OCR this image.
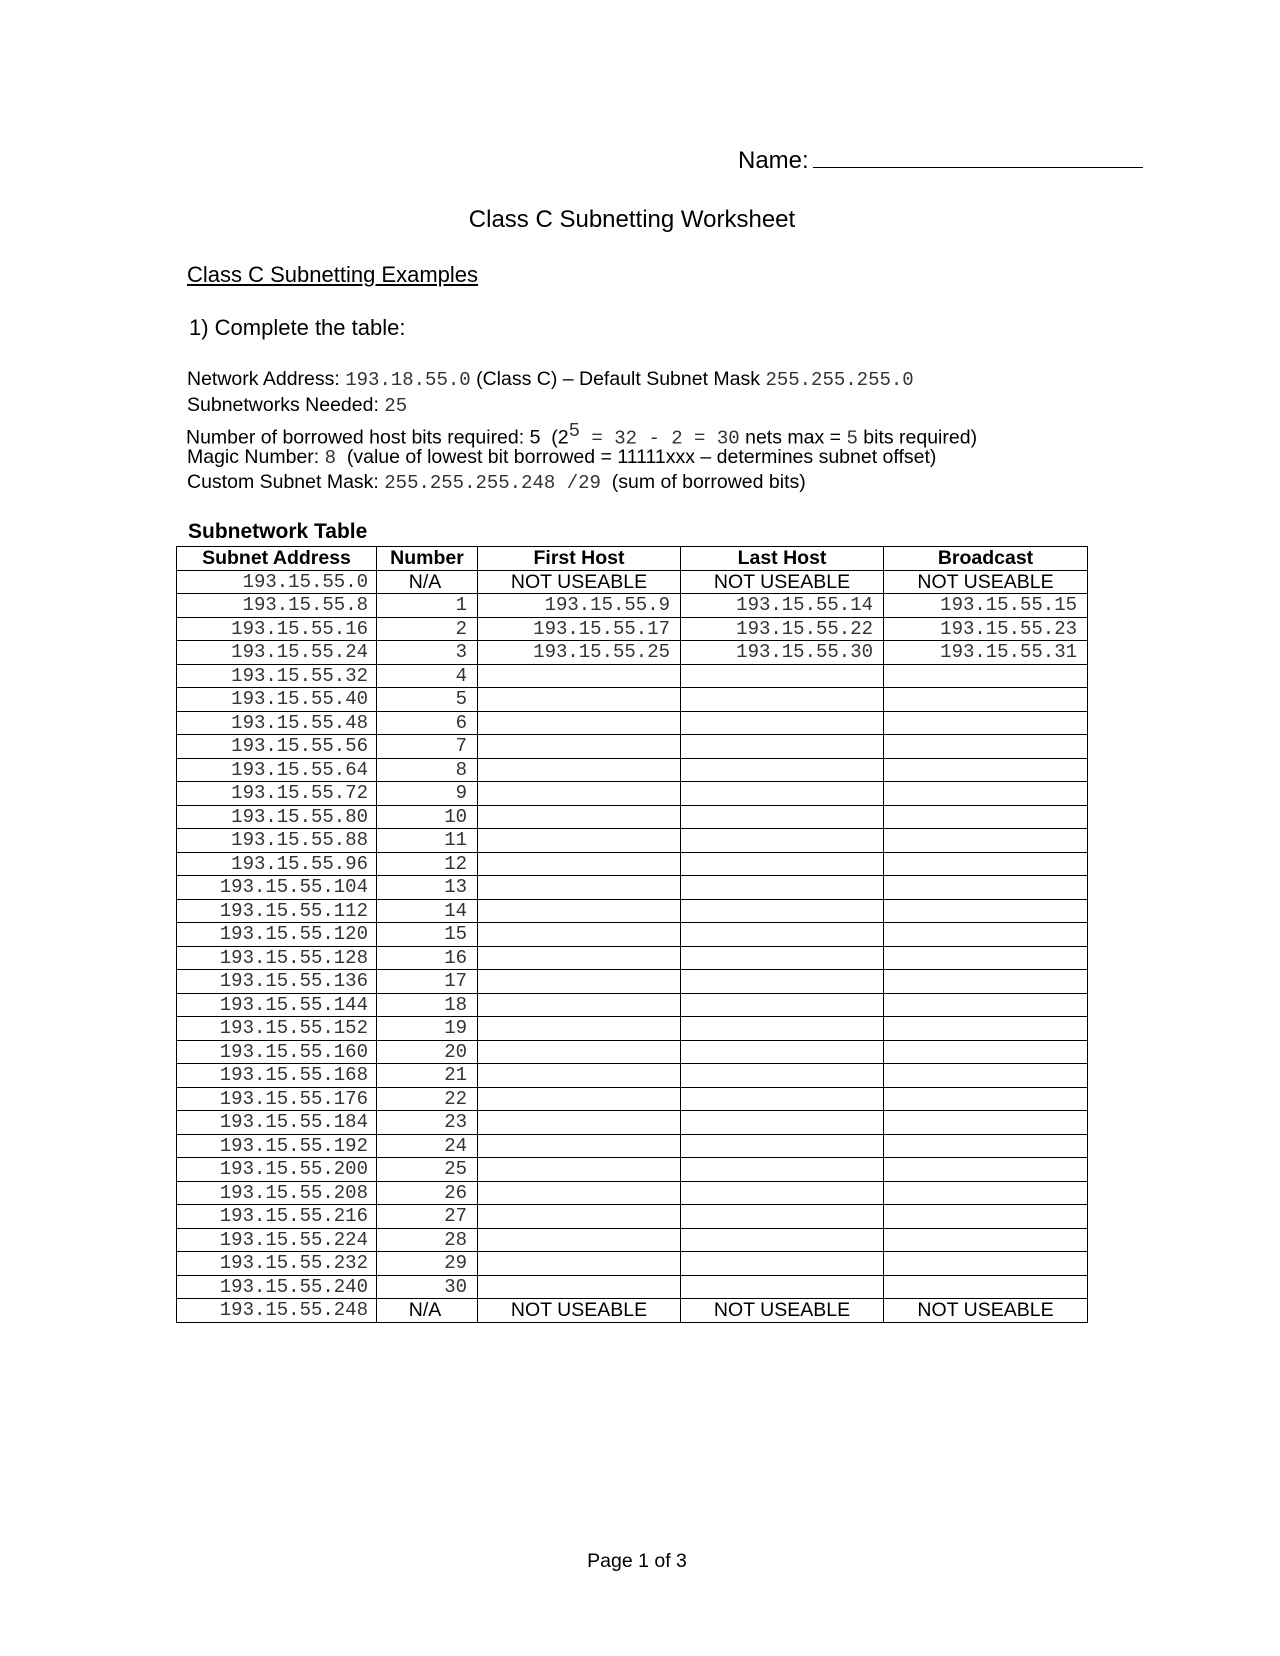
Name:
Class C Subnetting Worksheet
Class C Subnetting Examples
1) Complete the table:
Network Address: 193.18.55.0 (Class C) – Default Subnet Mask 255.255.255.0
Subnetworks Needed: 25
Number of borrowed host bits required: 5 ($2^5 = 32 - 2 = 30$ nets max = 5 bits required)
Magic Number: 8 (value of lowest bit borrowed = 11111xxx – determines subnet offset)
Custom Subnet Mask: 255.255.255.248 /29 (sum of borrowed bits)
Subnetwork Table
Subnet Address	Number	First Host	Last Host	Broadcast
193.15.55.0	N/A	NOT USEABLE	NOT USEABLE	NOT USEABLE
193.15.55.8	1	193.15.55.9	193.15.55.14	193.15.55.15
193.15.55.16	2	193.15.55.17	193.15.55.22	193.15.55.23
193.15.55.24	3	193.15.55.25	193.15.55.30	193.15.55.31
193.15.55.32	4			
193.15.55.40	5			
193.15.55.48	6			
193.15.55.56	7			
193.15.55.64	8			
193.15.55.72	9			
193.15.55.80	10			
193.15.55.88	11			
193.15.55.96	12			
193.15.55.104	13			
193.15.55.112	14			
193.15.55.120	15			
193.15.55.128	16			
193.15.55.136	17			
193.15.55.144	18			
193.15.55.152	19			
193.15.55.160	20			
193.15.55.168	21			
193.15.55.176	22			
193.15.55.184	23			
193.15.55.192	24			
193.15.55.200	25			
193.15.55.208	26			
193.15.55.216	27			
193.15.55.224	28			
193.15.55.232	29			
193.15.55.240	30			
193.15.55.248	N/A	NOT USEABLE	NOT USEABLE	NOT USEABLE
Page 1 of 3
